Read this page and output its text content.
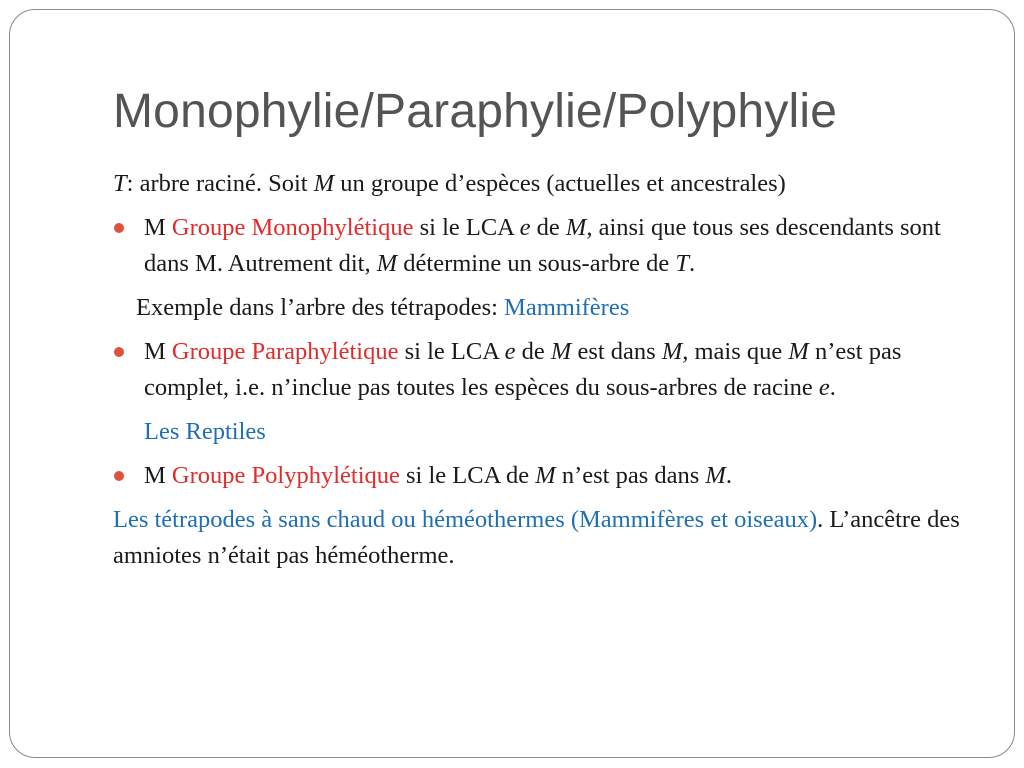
Monophylie/Paraphylie/Polyphylie

T: arbre raciné. Soit M un groupe d’espèces (actuelles et ancestrales)

M Groupe Monophylétique si le LCA e de M, ainsi que tous ses descendants sont dans M. Autrement dit, M détermine un sous-arbre de T.
Exemple dans l’arbre des tétrapodes: Mammifères
M Groupe Paraphylétique si le LCA e de M est dans M, mais que M n’est pas complet, i.e. n’inclue pas toutes les espèces du sous-arbres de racine e.
Les Reptiles
M Groupe Polyphylétique si le LCA de M n’est pas dans M.

Les tétrapodes à sans chaud ou héméothermes (Mammifères et oiseaux). L’ancêtre des amniotes n’était pas héméotherme.
